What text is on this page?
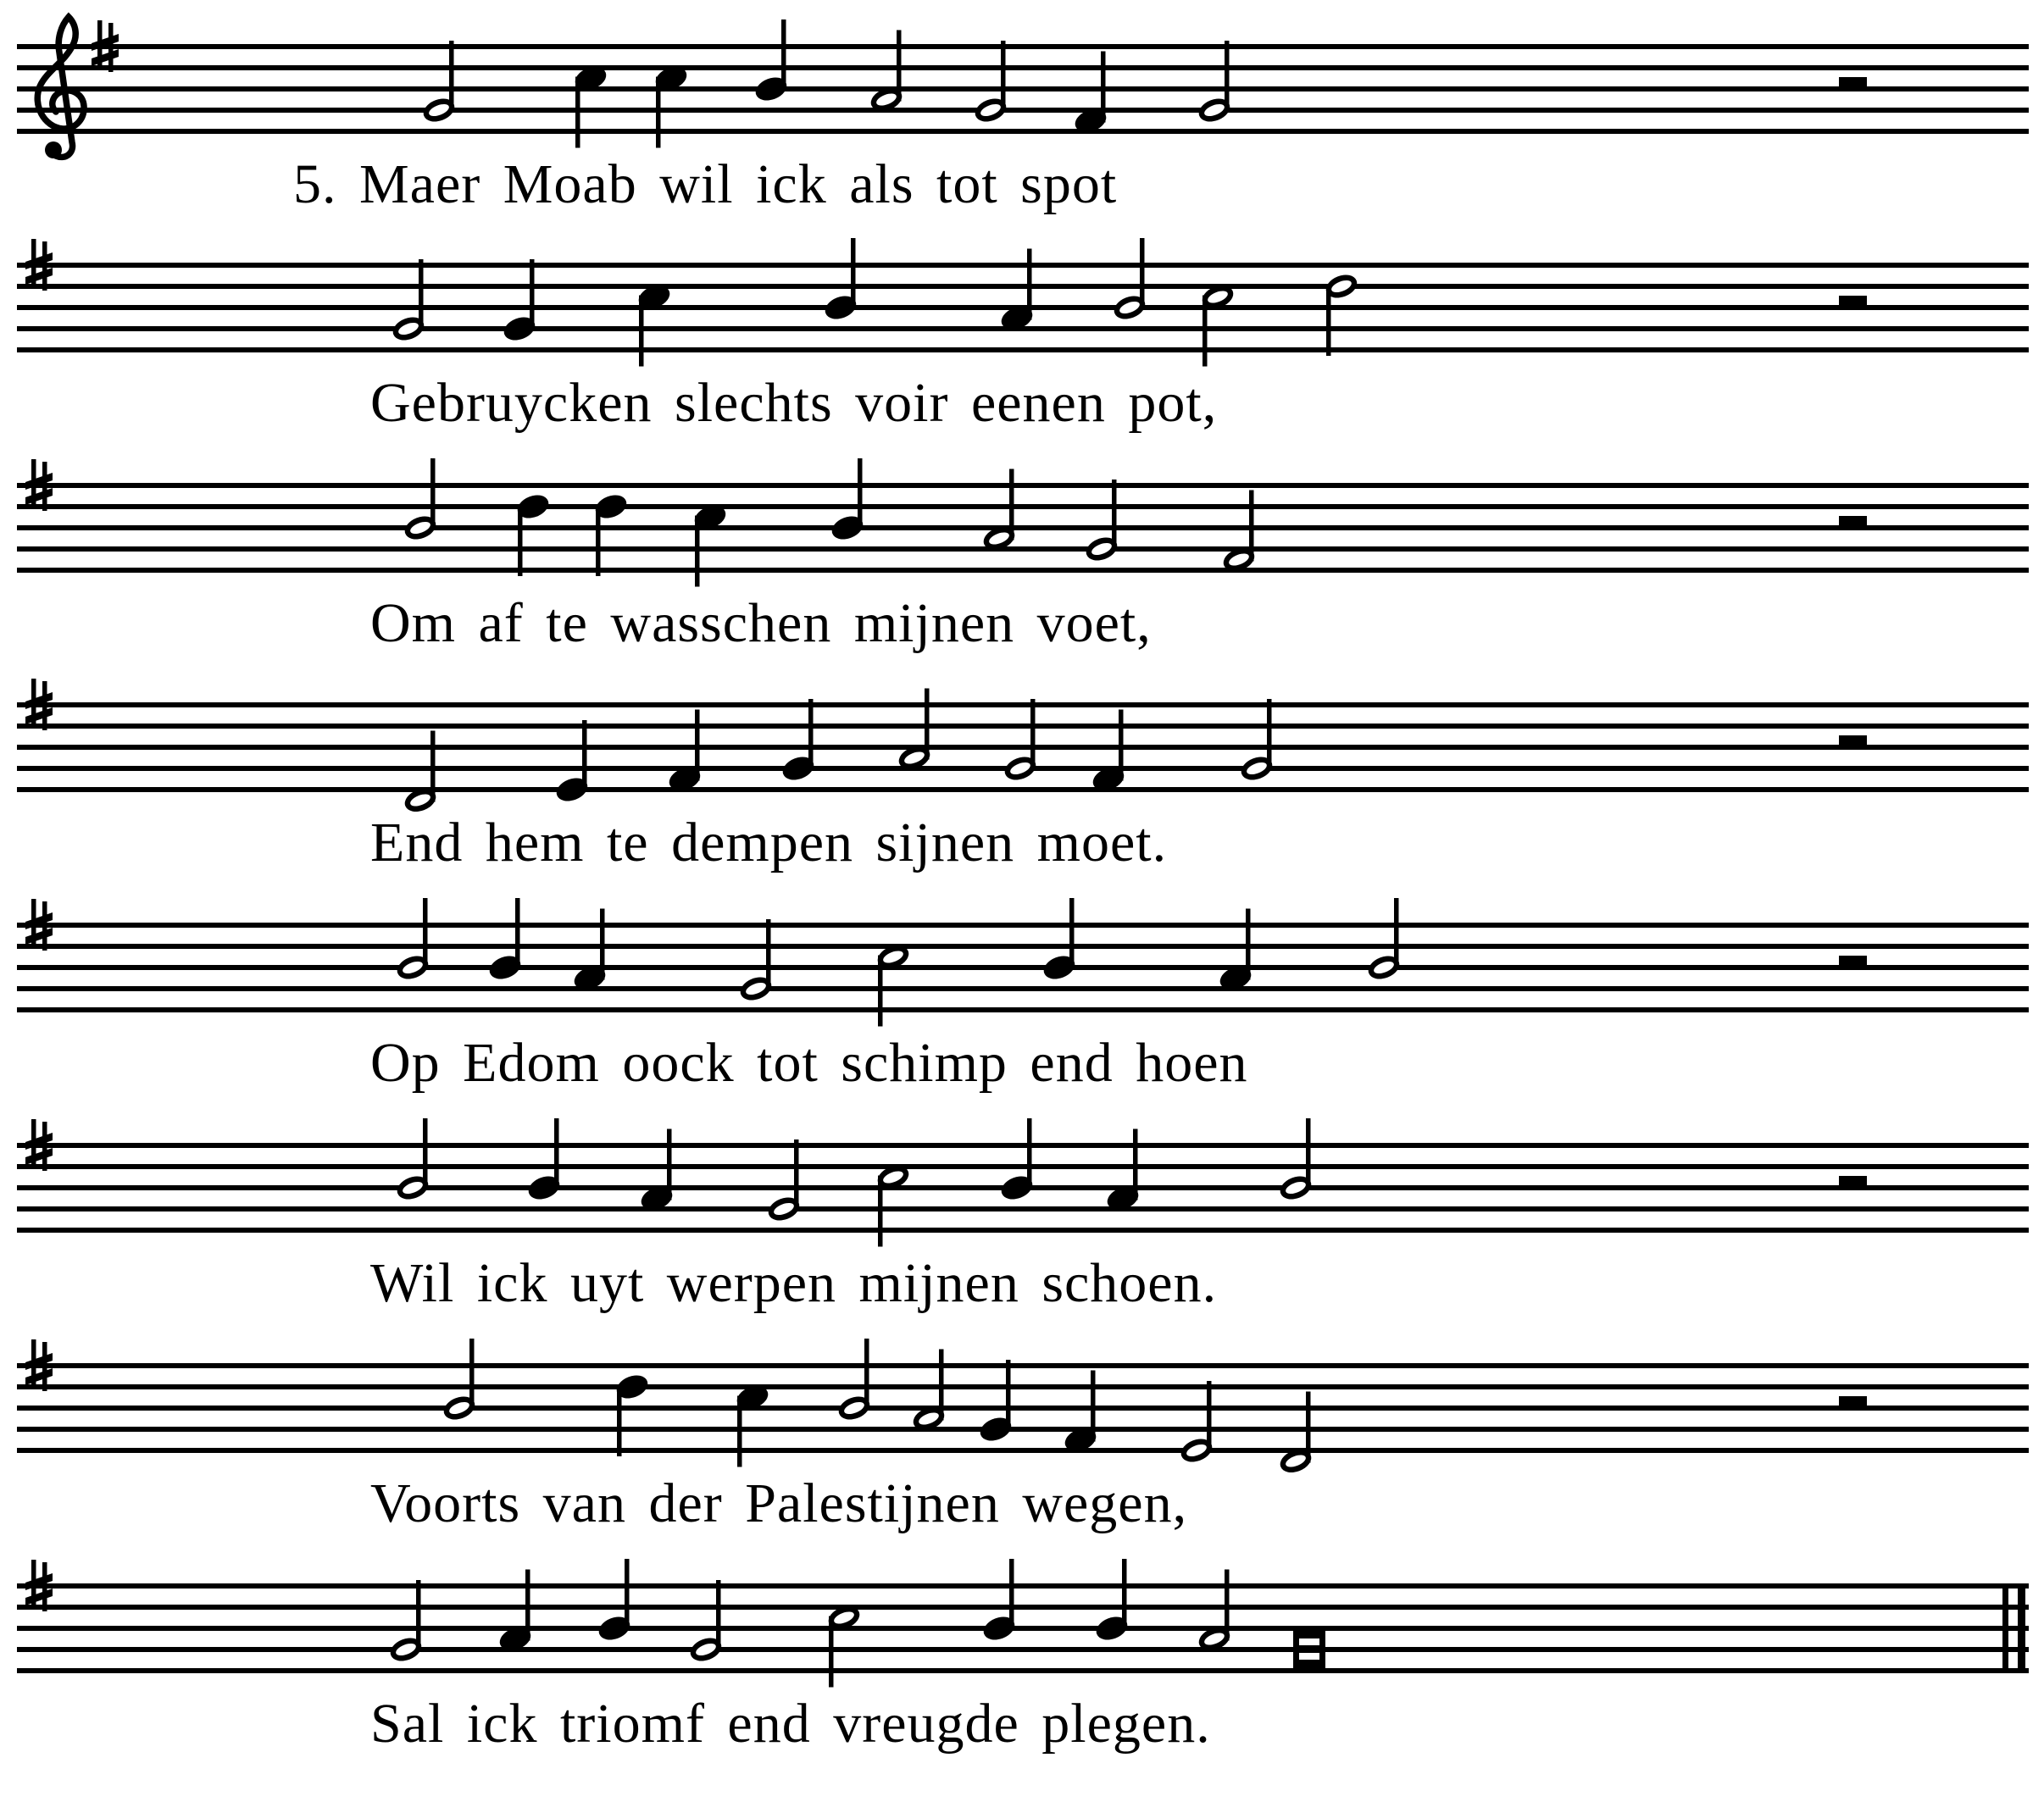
5. Maer Moab wil ick als tot spot
Gebruycken slechts voir eenen pot,
Om af te wasschen mijnen voet,
End hem te dempen sijnen moet.
Op Edom oock tot schimp end hoen
Wil ick uyt werpen mijnen schoen.
Voorts van der Palestijnen wegen,
Sal ick triomf end vreugde plegen.
